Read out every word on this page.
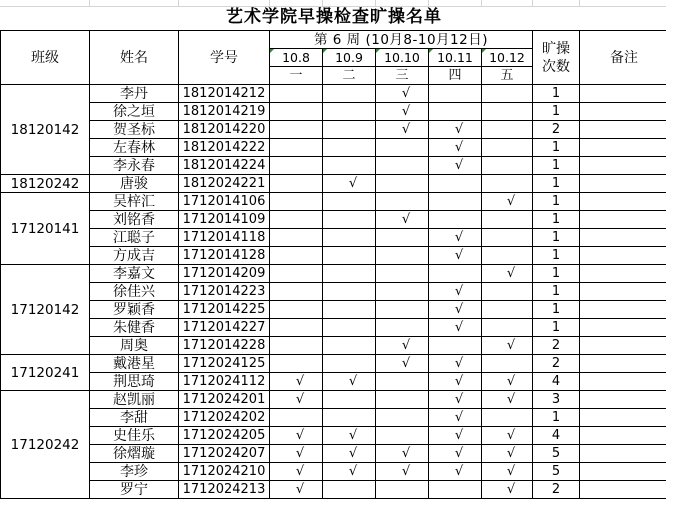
艺术学院早操检查旷操名单
班级	姓名	学号	第 6 周 (10月8-10月12日)					旷操次数	备注
			10.8	10.9	10.10	10.11	10.12		
			一	二	三	四	五		
18120142	李丹	1812014212			√			1	
	徐之垣	1812014219			√			1	
	贺圣标	1812014220			√	√		2	
	左春林	1812014222				√		1	
	李永春	1812014224				√		1	
18120242	唐骏	1812024221		√				1	
17120141	吴梓汇	1712014106					√	1	
	刘铭香	1712014109			√			1	
	江聪子	1712014118				√		1	
	方成吉	1712014128				√		1	
17120142	李嘉文	1712014209					√	1	
	徐佳兴	1712014223				√		1	
	罗颖香	1712014225				√		1	
	朱健香	1712014227				√		1	
	周奥	1712014228			√		√	2	
17120241	戴港星	1712024125			√	√		2	
	荆思琦	1712024112	√	√		√	√	4	
17120242	赵凯丽	1712024201	√			√	√	3	
	李甜	1712024202				√		1	
	史佳乐	1712024205	√	√		√	√	4	
	徐熠璇	1712024207	√	√	√	√	√	5	
	李珍	1712024210	√	√	√	√	√	5	
	罗宁	1712024213	√				√	2	
